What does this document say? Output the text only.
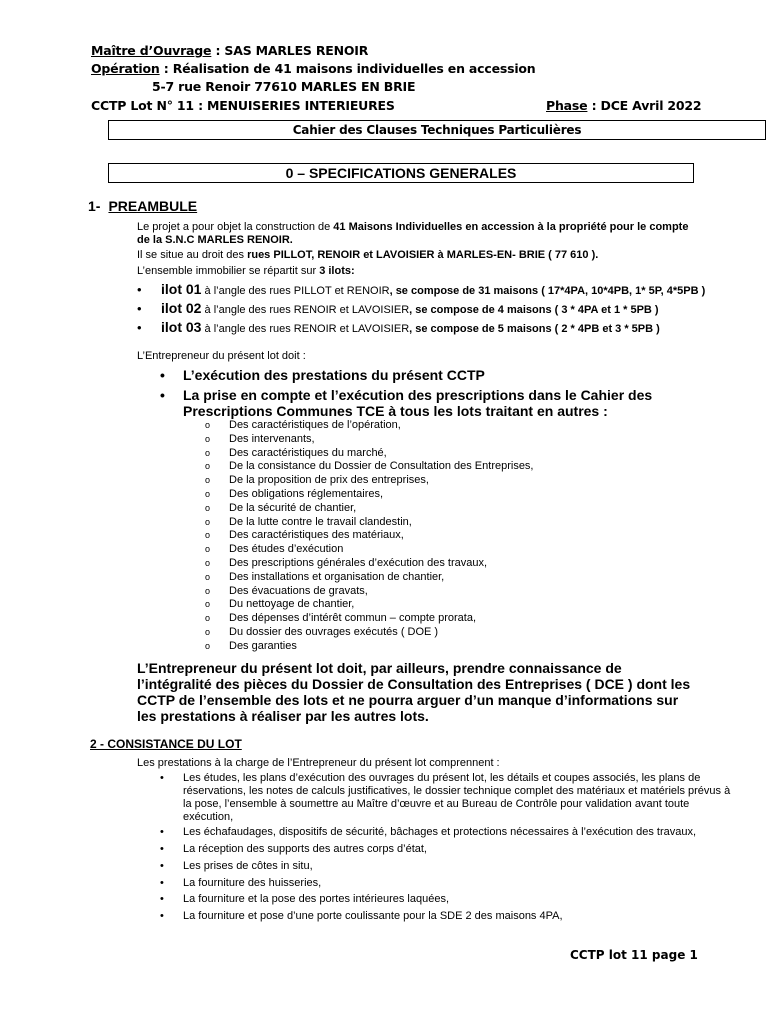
Maître d’Ouvrage : SAS MARLES RENOIR
Opération : Réalisation de 41 maisons individuelles en accession
5-7 rue Renoir 77610 MARLES EN BRIE
CCTP Lot N° 11 : MENUISERIES INTERIEURES	Phase : DCE Avril 2022
Cahier des Clauses Techniques Particulières
0 – SPECIFICATIONS GENERALES
1- PREAMBULE
Le projet a pour objet la construction de 41 Maisons Individuelles en accession à la propriété pour le compte
de la S.N.C MARLES RENOIR.
Il se situe au droit des rues PILLOT, RENOIR et LAVOISIER à MARLES-EN- BRIE ( 77 610 ).
L’ensemble immobilier se répartit sur 3 ilots:
• ilot 01 à l’angle des rues PILLOT et RENOIR, se compose de 31 maisons ( 17*4PA, 10*4PB, 1* 5P, 4*5PB )
• ilot 02 à l’angle des rues RENOIR et LAVOISIER, se compose de 4 maisons ( 3 * 4PA et 1 * 5PB )
• ilot 03 à l’angle des rues RENOIR et LAVOISIER, se compose de 5 maisons ( 2 * 4PB et 3 * 5PB )
L’Entrepreneur du présent lot doit :
• L’exécution des prestations du présent CCTP
• La prise en compte et l’exécution des prescriptions dans le Cahier des Prescriptions Communes TCE à tous les lots traitant en autres :
o Des caractéristiques de l’opération,
o Des intervenants,
o Des caractéristiques du marché,
o De la consistance du Dossier de Consultation des Entreprises,
o De la proposition de prix des entreprises,
o Des obligations réglementaires,
o De la sécurité de chantier,
o De la lutte contre le travail clandestin,
o Des caractéristiques des matériaux,
o Des études d’exécution
o Des prescriptions générales d’exécution des travaux,
o Des installations et organisation de chantier,
o Des évacuations de gravats,
o Du nettoyage de chantier,
o Des dépenses d’intérêt commun – compte prorata,
o Du dossier des ouvrages exécutés ( DOE )
o Des garanties
L’Entrepreneur du présent lot doit, par ailleurs, prendre connaissance de l’intégralité des pièces du Dossier de Consultation des Entreprises ( DCE ) dont les CCTP de l’ensemble des lots et ne pourra arguer d’un manque d’informations sur les prestations à réaliser par les autres lots.
2 - CONSISTANCE DU LOT
Les prestations à la charge de l’Entrepreneur du présent lot comprennent :
• Les études, les plans d’exécution des ouvrages du présent lot, les détails et coupes associés, les plans de réservations, les notes de calculs justificatives, le dossier technique complet des matériaux et matériels prévus à la pose, l’ensemble à soumettre au Maître d’œuvre et au Bureau de Contrôle pour validation avant toute exécution,
• Les échafaudages, dispositifs de sécurité, bâchages et protections nécessaires à l’exécution des travaux,
• La réception des supports des autres corps d’état,
• Les prises de côtes in situ,
• La fourniture des huisseries,
• La fourniture et la pose des portes intérieures laquées,
• La fourniture et pose d’une porte coulissante pour la SDE 2 des maisons 4PA,
CCTP lot 11 page 1
